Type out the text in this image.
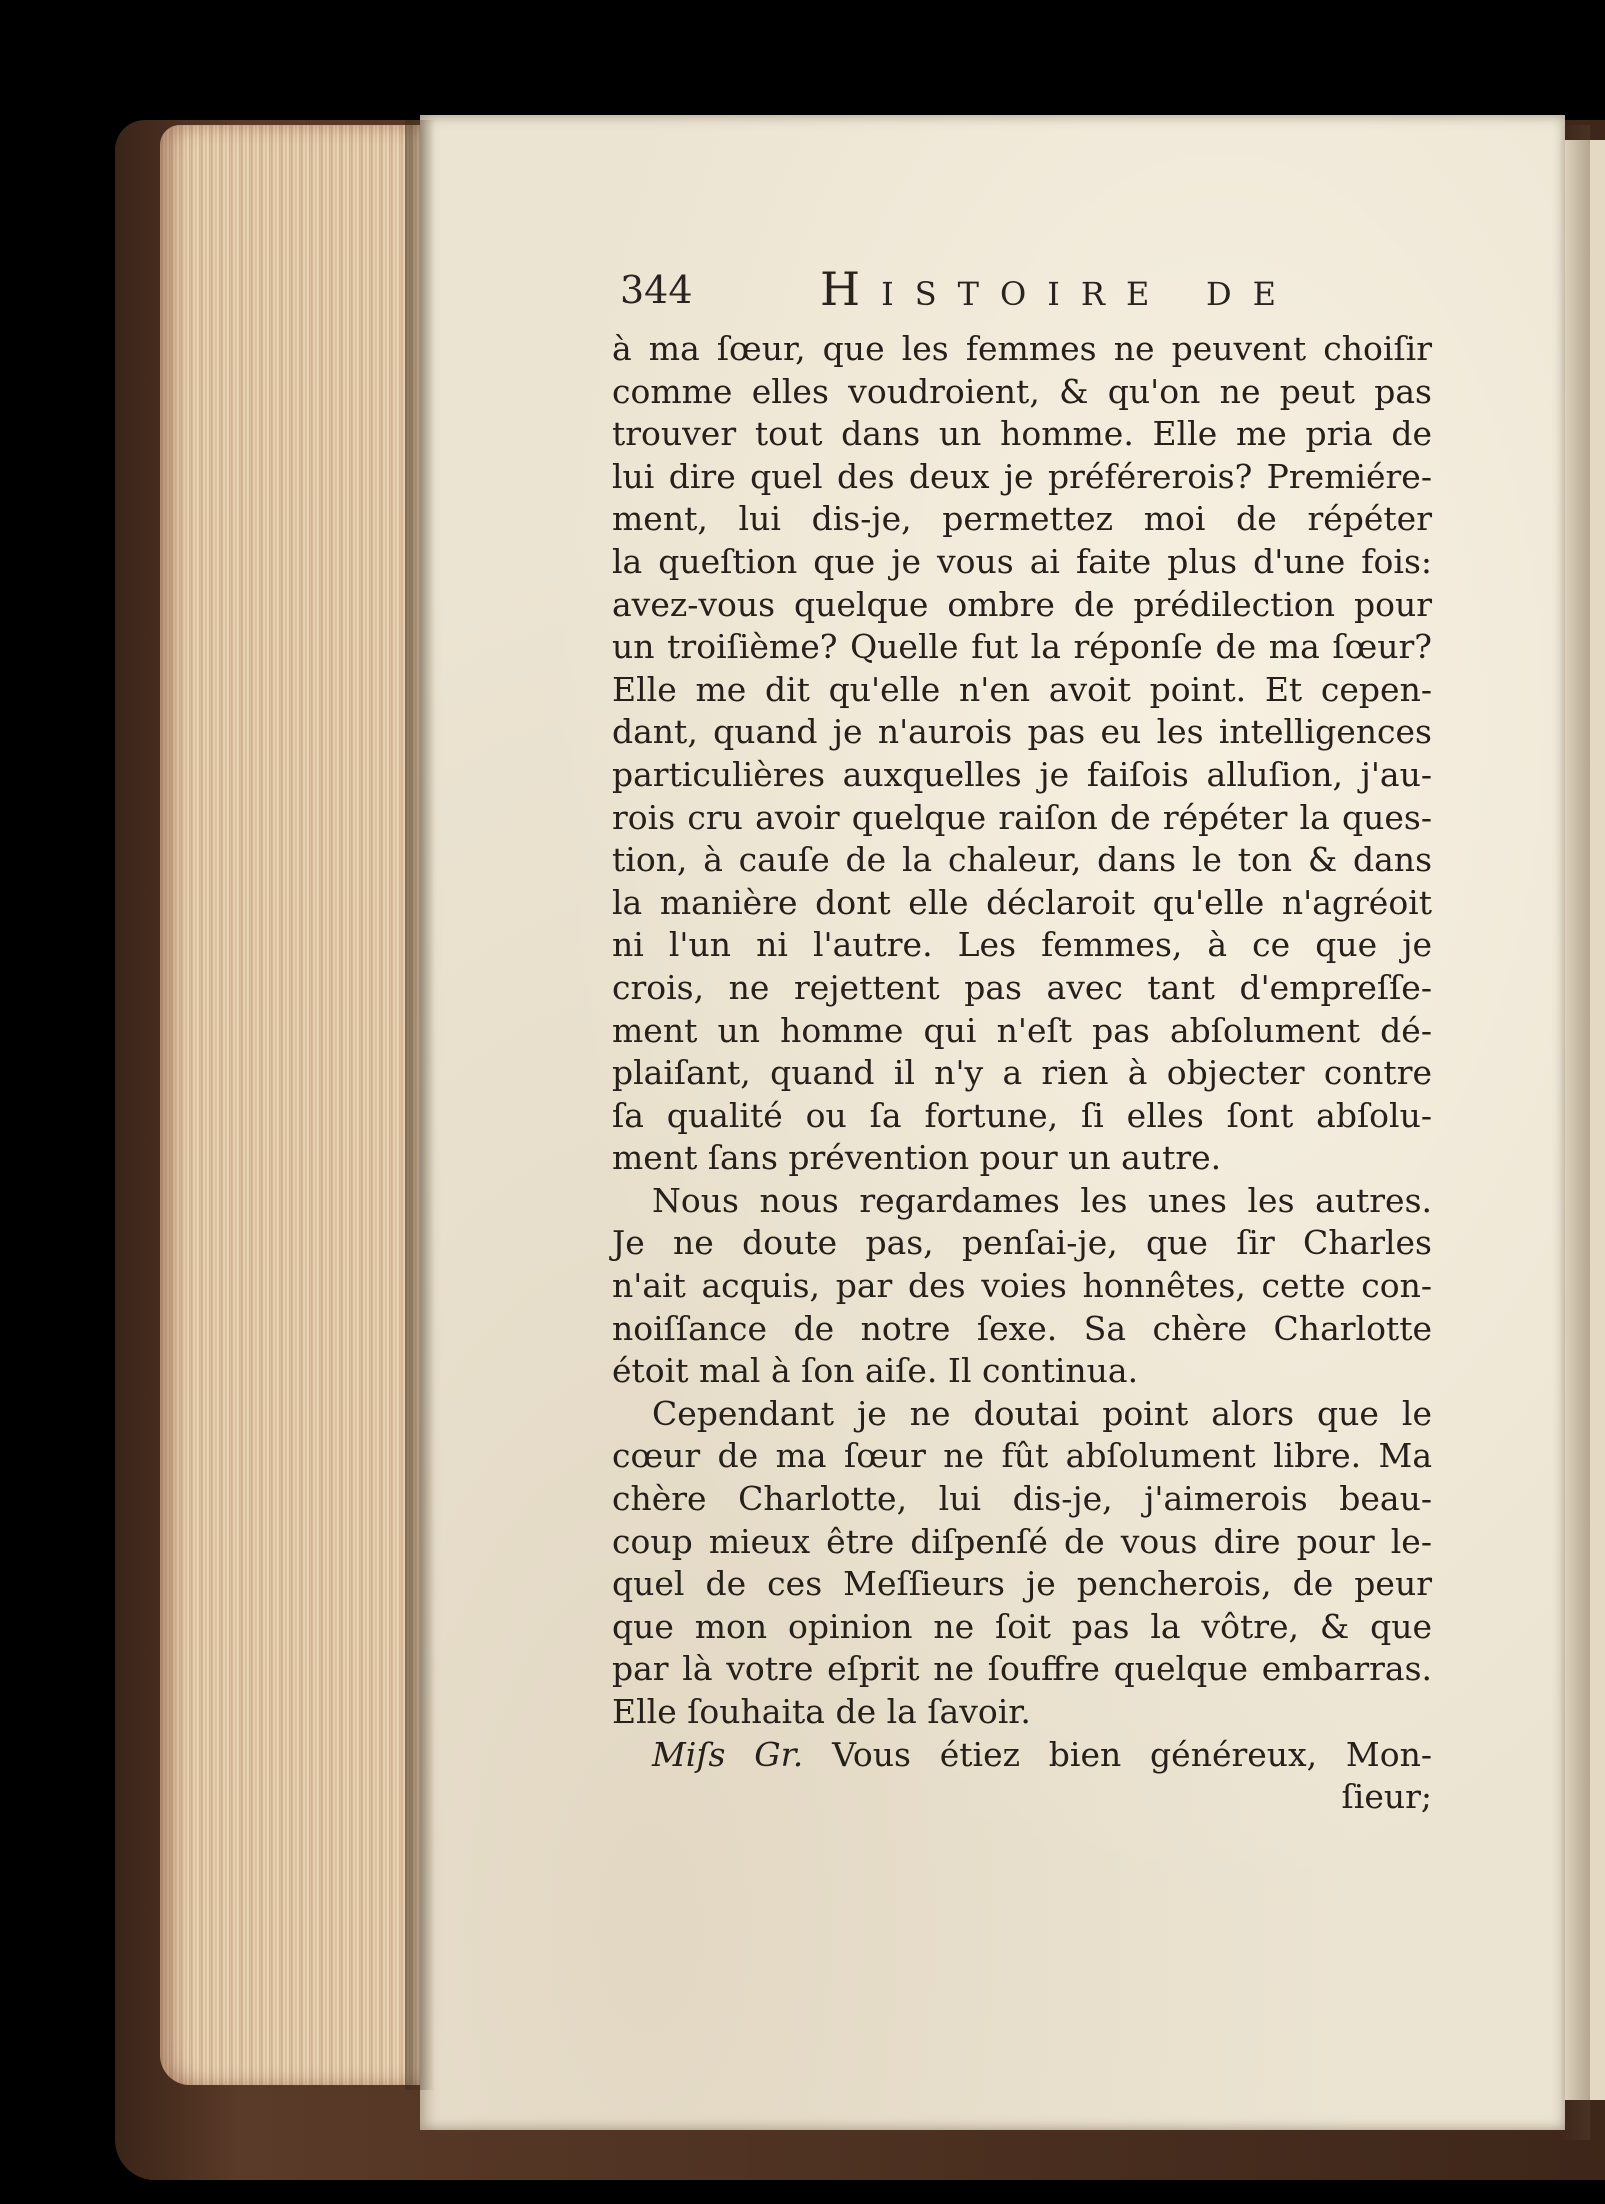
344	Histoire de
à ma ſœur, que les femmes ne peuvent choiſir
comme elles voudroient, & qu'on ne peut pas
trouver tout dans un homme. Elle me pria de
lui dire quel des deux je préférerois? Premiére-
ment, lui dis-je, permettez moi de répéter
la queſtion que je vous ai faite plus d'une fois:
avez-vous quelque ombre de prédilection pour
un troiſième? Quelle fut la réponſe de ma ſœur?
Elle me dit qu'elle n'en avoit point. Et cepen-
dant, quand je n'aurois pas eu les intelligences
particulières auxquelles je faiſois alluſion, j'au-
rois cru avoir quelque raiſon de répéter la ques-
tion, à cauſe de la chaleur, dans le ton & dans
la manière dont elle déclaroit qu'elle n'agréoit
ni l'un ni l'autre. Les femmes, à ce que je
crois, ne rejettent pas avec tant d'empreſſe-
ment un homme qui n'eſt pas abſolument dé-
plaiſant, quand il n'y a rien à objecter contre
ſa qualité ou ſa fortune, ſi elles ſont abſolu-
ment ſans prévention pour un autre.
Nous nous regardames les unes les autres.
Je ne doute pas, penſai-je, que ſir Charles
n'ait acquis, par des voies honnêtes, cette con-
noiſſance de notre ſexe. Sa chère Charlotte
étoit mal à ſon aiſe. Il continua.
Cependant je ne doutai point alors que le
cœur de ma ſœur ne fût abſolument libre. Ma
chère Charlotte, lui dis-je, j'aimerois beau-
coup mieux être diſpenſé de vous dire pour le-
quel de ces Meſſieurs je pencherois, de peur
que mon opinion ne ſoit pas la vôtre, & que
par là votre eſprit ne ſouffre quelque embarras.
Elle ſouhaita de la ſavoir.
Miſs Gr. Vous étiez bien généreux, Mon-
ſieur;
